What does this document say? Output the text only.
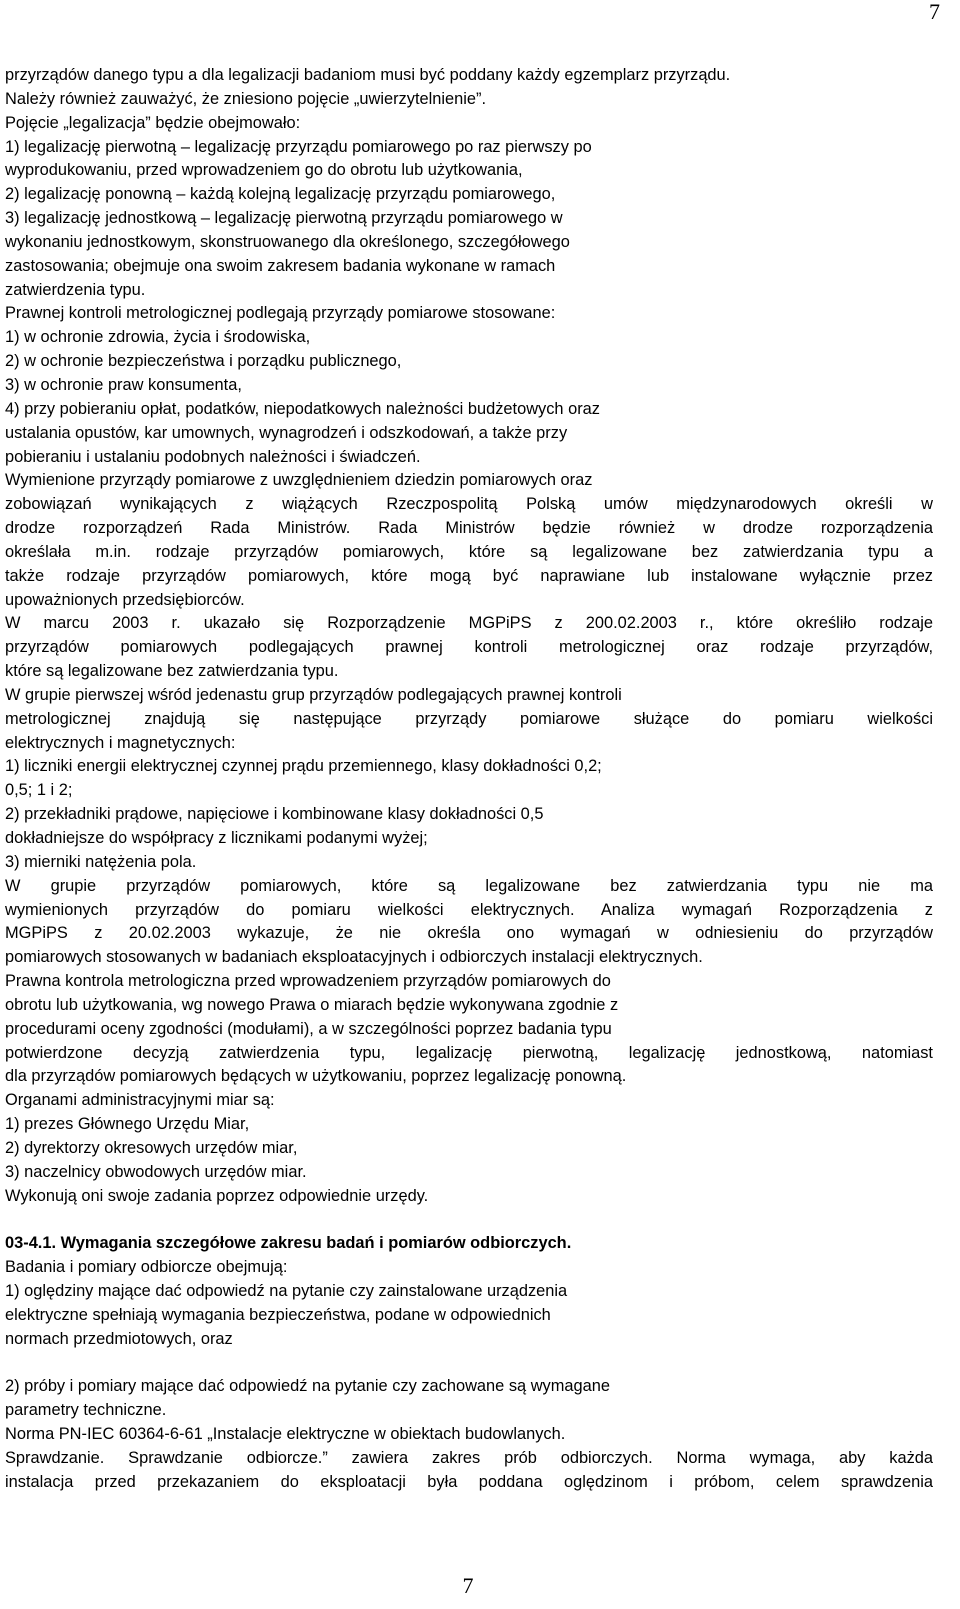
7
przyrządów danego typu a dla legalizacji badaniom musi być poddany każdy egzemplarz przyrządu.
Należy również zauważyć, że zniesiono pojęcie „uwierzytelnienie”.
Pojęcie „legalizacja” będzie obejmowało:
1) legalizację pierwotną – legalizację przyrządu pomiarowego po raz pierwszy po
wyprodukowaniu, przed wprowadzeniem go do obrotu lub użytkowania,
2) legalizację ponowną – każdą kolejną legalizację przyrządu pomiarowego,
3) legalizację jednostkową – legalizację pierwotną przyrządu pomiarowego w
wykonaniu jednostkowym, skonstruowanego dla określonego, szczegółowego
zastosowania; obejmuje ona swoim zakresem badania wykonane w ramach
zatwierdzenia typu.
Prawnej kontroli metrologicznej podlegają przyrządy pomiarowe stosowane:
1) w ochronie zdrowia, życia i środowiska,
2) w ochronie bezpieczeństwa i porządku publicznego,
3) w ochronie praw konsumenta,
4) przy pobieraniu opłat, podatków, niepodatkowych należności budżetowych oraz
ustalania opustów, kar umownych, wynagrodzeń i odszkodowań, a także przy
pobieraniu i ustalaniu podobnych należności i świadczeń.
Wymienione przyrządy pomiarowe z uwzględnieniem dziedzin pomiarowych oraz
zobowiązań wynikających z wiążących Rzeczpospolitą Polską umów międzynarodowych określi w
drodze rozporządzeń Rada Ministrów. Rada Ministrów będzie również w drodze rozporządzenia
określała m.in. rodzaje przyrządów pomiarowych, które są legalizowane bez zatwierdzania typu a
także rodzaje przyrządów pomiarowych, które mogą być naprawiane lub instalowane wyłącznie przez
upoważnionych przedsiębiorców.
W marcu 2003 r. ukazało się Rozporządzenie MGPiPS z 200.02.2003 r., które określiło rodzaje
przyrządów pomiarowych podlegających prawnej kontroli metrologicznej oraz rodzaje przyrządów,
które są legalizowane bez zatwierdzania typu.
W grupie pierwszej wśród jedenastu grup przyrządów podlegających prawnej kontroli
metrologicznej znajdują się następujące przyrządy pomiarowe służące do pomiaru wielkości
elektrycznych i magnetycznych:
1) liczniki energii elektrycznej czynnej prądu przemiennego, klasy dokładności 0,2;
0,5; 1 i 2;
2) przekładniki prądowe, napięciowe i kombinowane klasy dokładności 0,5
dokładniejsze do współpracy z licznikami podanymi wyżej;
3) mierniki natężenia pola.
W grupie przyrządów pomiarowych, które są legalizowane bez zatwierdzania typu nie ma
wymienionych przyrządów do pomiaru wielkości elektrycznych. Analiza wymagań Rozporządzenia z
MGPiPS z 20.02.2003 wykazuje, że nie określa ono wymagań w odniesieniu do przyrządów
pomiarowych stosowanych w badaniach eksploatacyjnych i odbiorczych instalacji elektrycznych.
Prawna kontrola metrologiczna przed wprowadzeniem przyrządów pomiarowych do
obrotu lub użytkowania, wg nowego Prawa o miarach będzie wykonywana zgodnie z
procedurami oceny zgodności (modułami), a w szczególności poprzez badania typu
potwierdzone decyzją zatwierdzenia typu, legalizację pierwotną, legalizację jednostkową, natomiast
dla przyrządów pomiarowych będących w użytkowaniu, poprzez legalizację ponowną.
Organami administracyjnymi miar są:
1) prezes Głównego Urzędu Miar,
2) dyrektorzy okresowych urzędów miar,
3) naczelnicy obwodowych urzędów miar.
Wykonują oni swoje zadania poprzez odpowiednie urzędy.
03-4.1. Wymagania szczegółowe zakresu badań i pomiarów odbiorczych.
Badania i pomiary odbiorcze obejmują:
1) oględziny mające dać odpowiedź na pytanie czy zainstalowane urządzenia
elektryczne spełniają wymagania bezpieczeństwa, podane w odpowiednich
normach przedmiotowych, oraz
2) próby i pomiary mające dać odpowiedź na pytanie czy zachowane są wymagane
parametry techniczne.
Norma PN-IEC 60364-6-61 „Instalacje elektryczne w obiektach budowlanych.
Sprawdzanie. Sprawdzanie odbiorcze.” zawiera zakres prób odbiorczych. Norma wymaga, aby każda
instalacja przed przekazaniem do eksploatacji była poddana oględzinom i próbom, celem sprawdzenia
7
